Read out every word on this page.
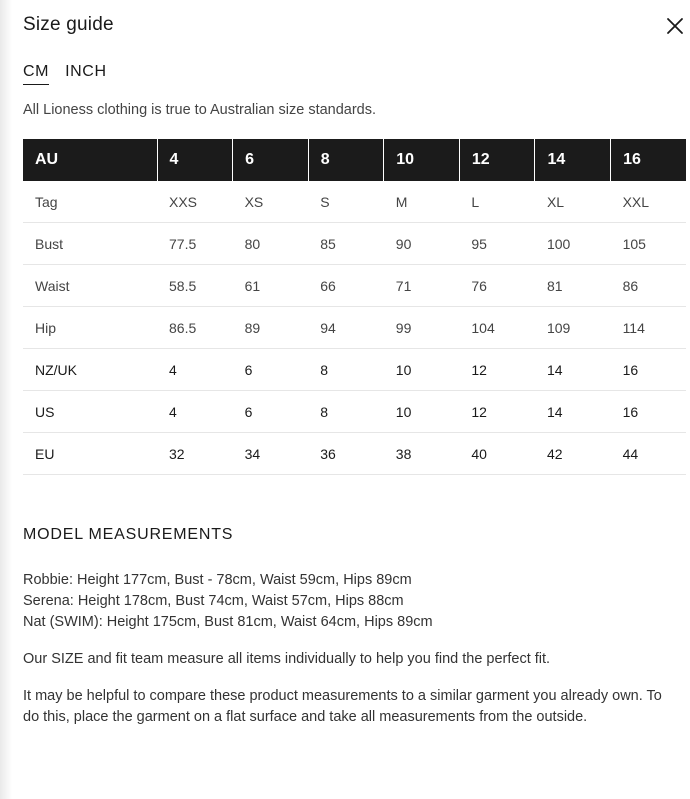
Size guide
CM INCH
All Lioness clothing is true to Australian size standards.
AU	4	6	8	10	12	14	16
Tag	XXS	XS	S	M	L	XL	XXL
Bust	77.5	80	85	90	95	100	105
Waist	58.5	61	66	71	76	81	86
Hip	86.5	89	94	99	104	109	114
NZ/UK	4	6	8	10	12	14	16
US	4	6	8	10	12	14	16
EU	32	34	36	38	40	42	44
MODEL MEASUREMENTS
Robbie: Height 177cm, Bust - 78cm, Waist 59cm, Hips 89cm
Serena: Height 178cm, Bust 74cm, Waist 57cm, Hips 88cm
Nat (SWIM): Height 175cm, Bust 81cm, Waist 64cm, Hips 89cm
Our SIZE and fit team measure all items individually to help you find the perfect fit.
It may be helpful to compare these product measurements to a similar garment you already own. To do this, place the garment on a flat surface and take all measurements from the outside.
